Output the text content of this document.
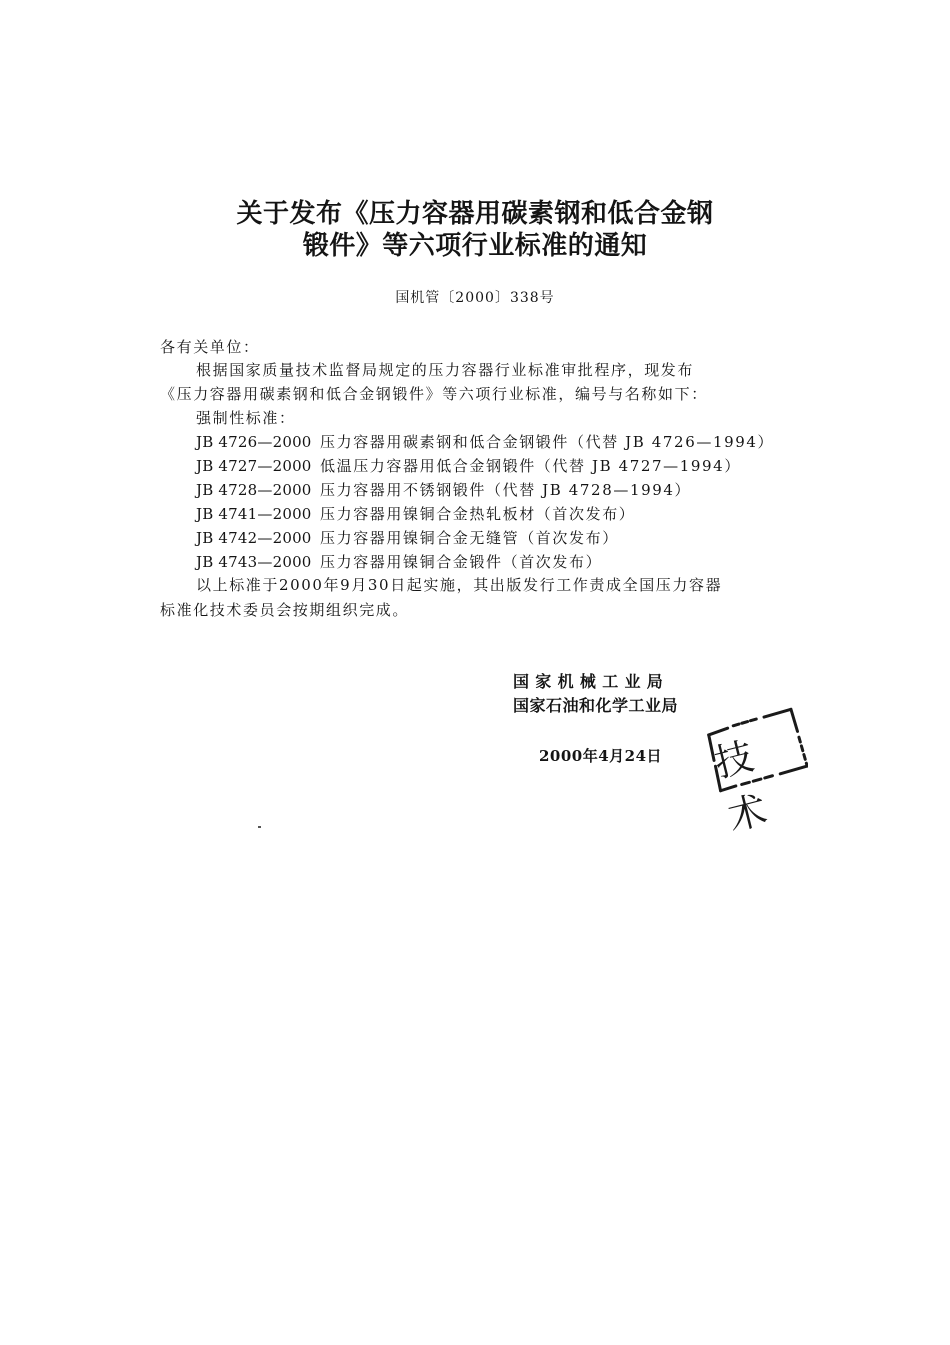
关于发布《压力容器用碳素钢和低合金钢
锻件》等六项行业标准的通知
国机管〔2000〕338号
各有关单位：
根据国家质量技术监督局规定的压力容器行业标准审批程序，现发布
《压力容器用碳素钢和低合金钢锻件》等六项行业标准，编号与名称如下：
强制性标准：
JB 4726—2000 压力容器用碳素钢和低合金钢锻件（代替 JB 4726—1994）
JB 4727—2000 低温压力容器用低合金钢锻件（代替 JB 4727—1994）
JB 4728—2000 压力容器用不锈钢锻件（代替 JB 4728—1994）
JB 4741—2000 压力容器用镍铜合金热轧板材（首次发布）
JB 4742—2000 压力容器用镍铜合金无缝管（首次发布）
JB 4743—2000 压力容器用镍铜合金锻件（首次发布）
以上标准于2000年9月30日起实施，其出版发行工作责成全国压力容器
标准化技术委员会按期组织完成。
国家机械工业局
国家石油和化学工业局
2000年4月24日 技术
